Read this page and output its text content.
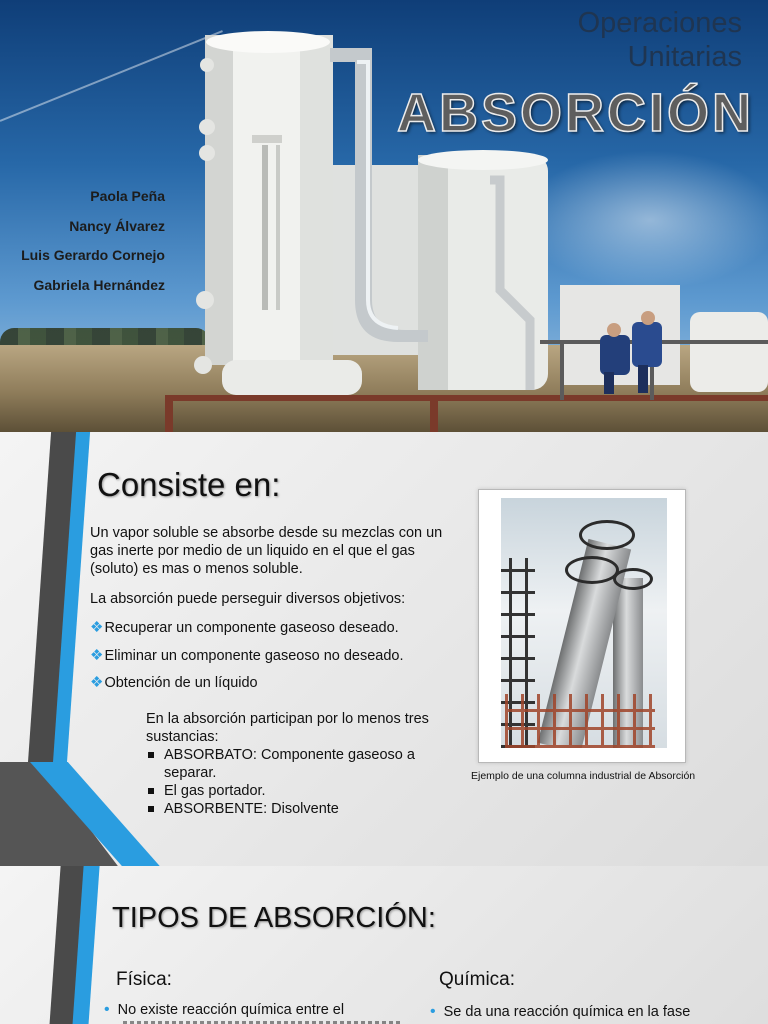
Operaciones
Unitarias
ABSORCIÓN
Paola Peña
Nancy Álvarez
Luis Gerardo Cornejo
Gabriela Hernández
Consiste en:
Un vapor soluble se absorbe desde su mezclas con un gas inerte por medio de un liquido en el que el gas (soluto) es mas o menos soluble.
La absorción puede perseguir diversos objetivos:
❖Recuperar un componente gaseoso deseado.
❖Eliminar un componente gaseoso no deseado.
❖Obtención de un líquido
En la absorción participan por lo menos tres sustancias:
ABSORBATO: Componente gaseoso a separar.
El gas portador.
ABSORBENTE: Disolvente
Ejemplo de una columna industrial de Absorción
TIPOS DE ABSORCIÓN:
Física:
• No existe reacción química entre el
Química:
• Se da una reacción química en la fase
